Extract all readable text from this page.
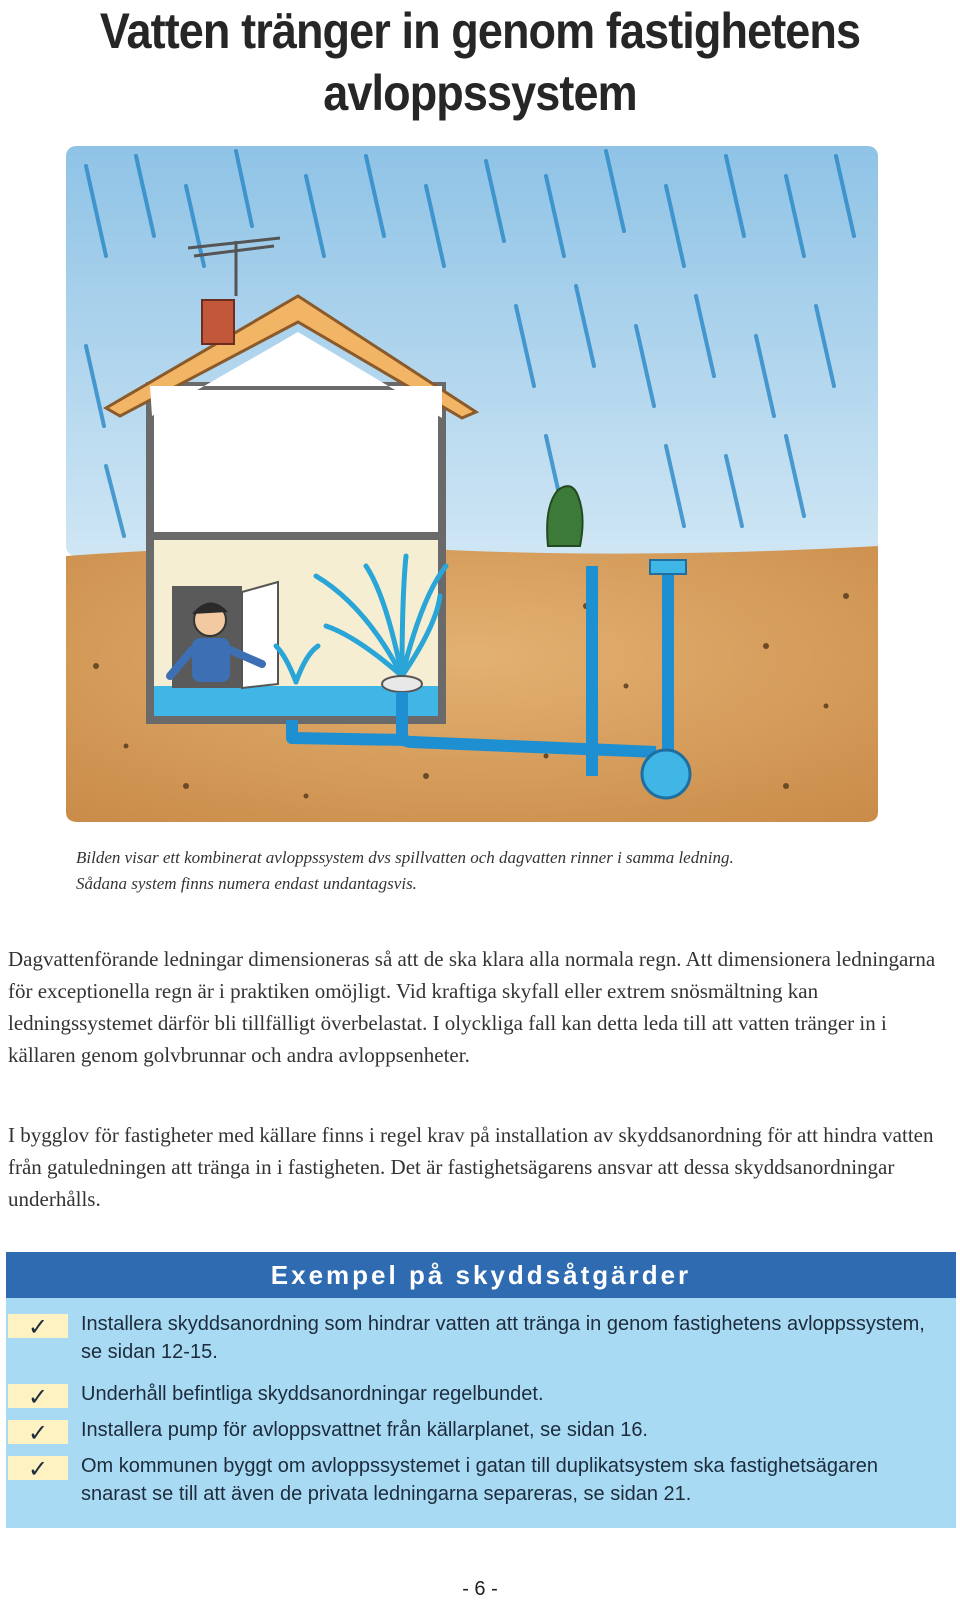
Vatten tränger in genom fastighetens
avloppssystem
Bilden visar ett kombinerat avloppssystem dvs spillvatten och dagvatten rinner i samma ledning.
Sådana system finns numera endast undantagsvis.

Dagvattenförande ledningar dimensioneras så att de ska klara alla normala regn. Att dimensionera ledningarna för exceptionella regn är i praktiken omöjligt. Vid kraftiga skyfall eller extrem snösmältning kan ledningssystemet därför bli tillfälligt överbelastat. I olyckliga fall kan detta leda till att vatten tränger in i källaren genom golvbrunnar och andra avloppsenheter.

I bygglov för fastigheter med källare finns i regel krav på installation av skyddsanordning för att hindra vatten från gatuledningen att tränga in i fastigheten. Det är fastighetsägarens ansvar att dessa skyddsanordningar underhålls.

Exempel på skyddsåtgärder
✓	Installera skyddsanordning som hindrar vatten att tränga in genom fastighetens avloppssystem, se sidan 12-15.
✓	Underhåll befintliga skyddsanordningar regelbundet.
✓	Installera pump för avloppsvattnet från källarplanet, se sidan 16.
✓	Om kommunen byggt om avloppssystemet i gatan till duplikatsystem ska fastighetsägaren snarast se till att även de privata ledningarna separeras, se sidan 21.
- 6 -
